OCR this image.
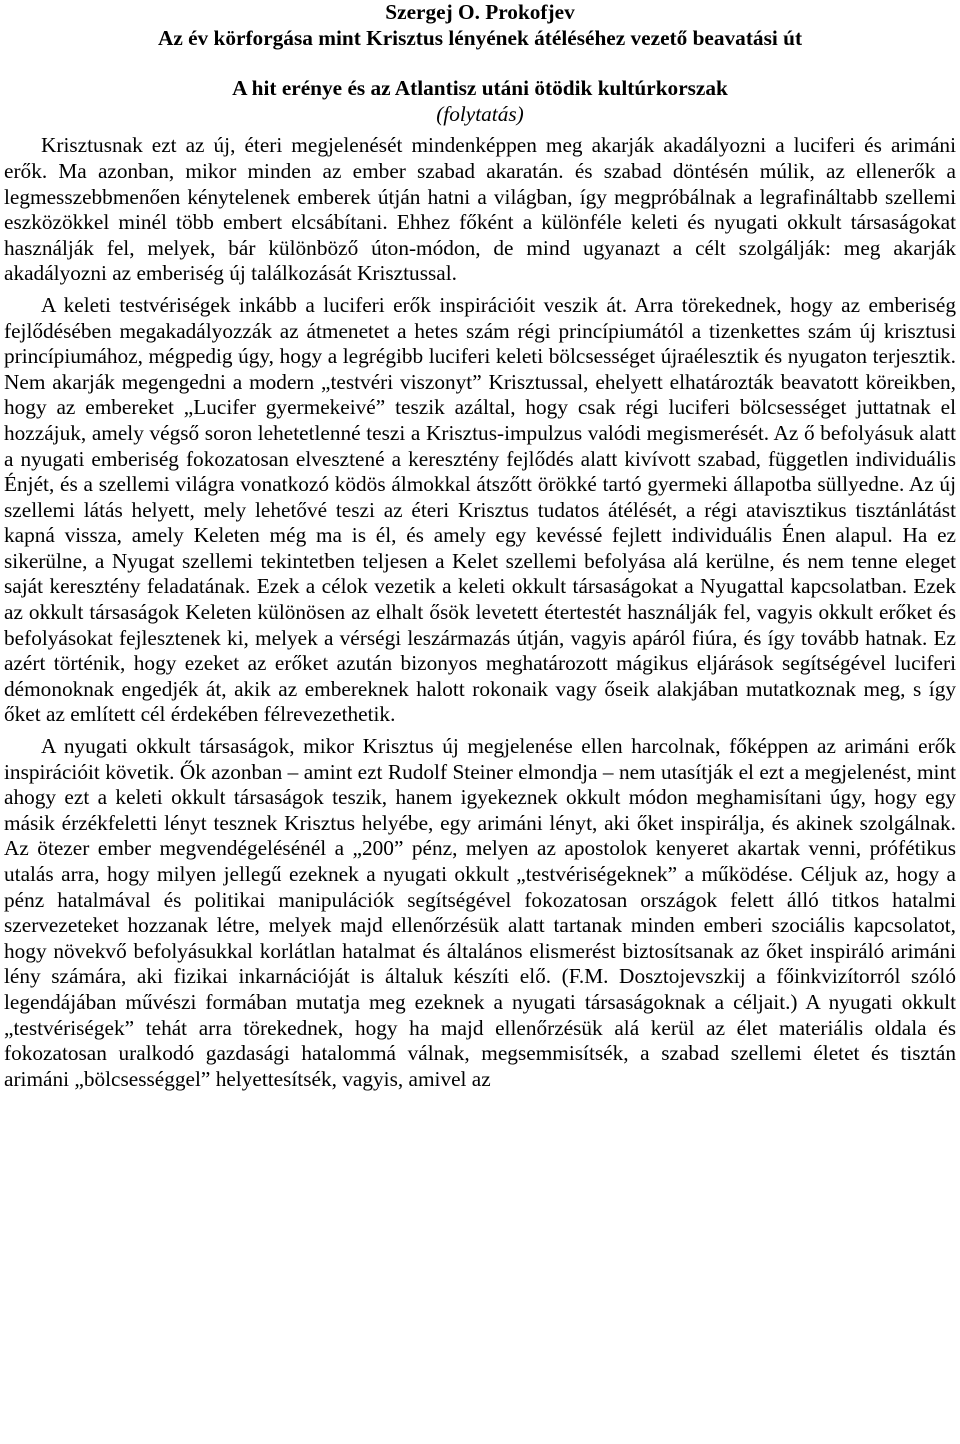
Szergej O. Prokofjev

Az év körforgása mint Krisztus lényének átéléséhez vezető beavatási út

A hit erénye és az Atlantisz utáni ötödik kultúrkorszak

(folytatás)

Krisztusnak ezt az új, éteri megjelenését mindenképpen meg akarják akadályozni a luciferi és arimáni erők. Ma azonban, mikor minden az ember szabad akaratán. és szabad döntésén múlik, az ellenerők a legmesszebbmenően kénytelenek emberek útján hatni a világban, így megpróbálnak a legrafináltabb szellemi eszközökkel minél több embert elcsábítani. Ehhez főként a különféle keleti és nyugati okkult társaságokat használják fel, melyek, bár különböző úton-módon, de mind ugyanazt a célt szolgálják: meg akarják akadályozni az emberiség új találkozását Krisztussal.

A keleti testvériségek inkább a luciferi erők inspirációit veszik át. Arra törekednek, hogy az emberiség fejlődésében megakadályozzák az átmenetet a hetes szám régi princípiumától a tizenkettes szám új krisztusi princípiumához, mégpedig úgy, hogy a legrégibb luciferi keleti bölcsességet újraélesztik és nyugaton terjesztik. Nem akarják megengedni a modern „testvéri viszonyt” Krisztussal, ehelyett elhatározták beavatott köreikben, hogy az embereket „Lucifer gyermekeivé” teszik azáltal, hogy csak régi luciferi bölcsességet juttatnak el hozzájuk, amely végső soron lehetetlenné teszi a Krisztus-impulzus valódi megismerését. Az ő befolyásuk alatt a nyugati emberiség fokozatosan elvesztené a keresztény fejlődés alatt kivívott szabad, független individuális Énjét, és a szellemi világra vonatkozó ködös álmokkal átszőtt örökké tartó gyermeki állapotba süllyedne. Az új szellemi látás helyett, mely lehetővé teszi az éteri Krisztus tudatos átélését, a régi atavisztikus tisztánlátást kapná vissza, amely Keleten még ma is él, és amely egy kevéssé fejlett individuális Énen alapul. Ha ez sikerülne, a Nyugat szellemi tekintetben teljesen a Kelet szellemi befolyása alá kerülne, és nem tenne eleget saját keresztény feladatának. Ezek a célok vezetik a keleti okkult társaságokat a Nyugattal kapcsolatban. Ezek az okkult társaságok Keleten különösen az elhalt ősök levetett étertestét használják fel, vagyis okkult erőket és befolyásokat fejlesztenek ki, melyek a vérségi leszármazás útján, vagyis apáról fiúra, és így tovább hatnak. Ez azért történik, hogy ezeket az erőket azután bizonyos meghatározott mágikus eljárások segítségével luciferi démonoknak engedjék át, akik az embereknek halott rokonaik vagy őseik alakjában mutatkoznak meg, s így őket az említett cél érdekében félrevezethetik.

A nyugati okkult társaságok, mikor Krisztus új megjelenése ellen harcolnak, főképpen az arimáni erők inspirációit követik. Ők azonban – amint ezt Rudolf Steiner elmondja – nem utasítják el ezt a megjelenést, mint ahogy ezt a keleti okkult társaságok teszik, hanem igyekeznek okkult módon meghamisítani úgy, hogy egy másik érzékfeletti lényt tesznek Krisztus helyébe, egy arimáni lényt, aki őket inspirálja, és akinek szolgálnak. Az ötezer ember megvendégelésénél a „200” pénz, melyen az apostolok kenyeret akartak venni, prófétikus utalás arra, hogy milyen jellegű ezeknek a nyugati okkult „testvériségeknek” a működése. Céljuk az, hogy a pénz hatalmával és politikai manipulációk segítségével fokozatosan országok felett álló titkos hatalmi szervezeteket hozzanak létre, melyek majd ellenőrzésük alatt tartanak minden emberi szociális kapcsolatot, hogy növekvő befolyásukkal korlátlan hatalmat és általános elismerést biztosítsanak az őket inspiráló arimáni lény számára, aki fizikai inkarnációját is általuk készíti elő. (F.M. Dosztojevszkij a főinkvizítorról szóló legendájában művészi formában mutatja meg ezeknek a nyugati társaságoknak a céljait.) A nyugati okkult „testvériségek” tehát arra törekednek, hogy ha majd ellenőrzésük alá kerül az élet materiális oldala és fokozatosan uralkodó gazdasági hatalommá válnak, megsemmisítsék, a szabad szellemi életet és tisztán arimáni „bölcsességgel” helyettesítsék, vagyis, amivel az
